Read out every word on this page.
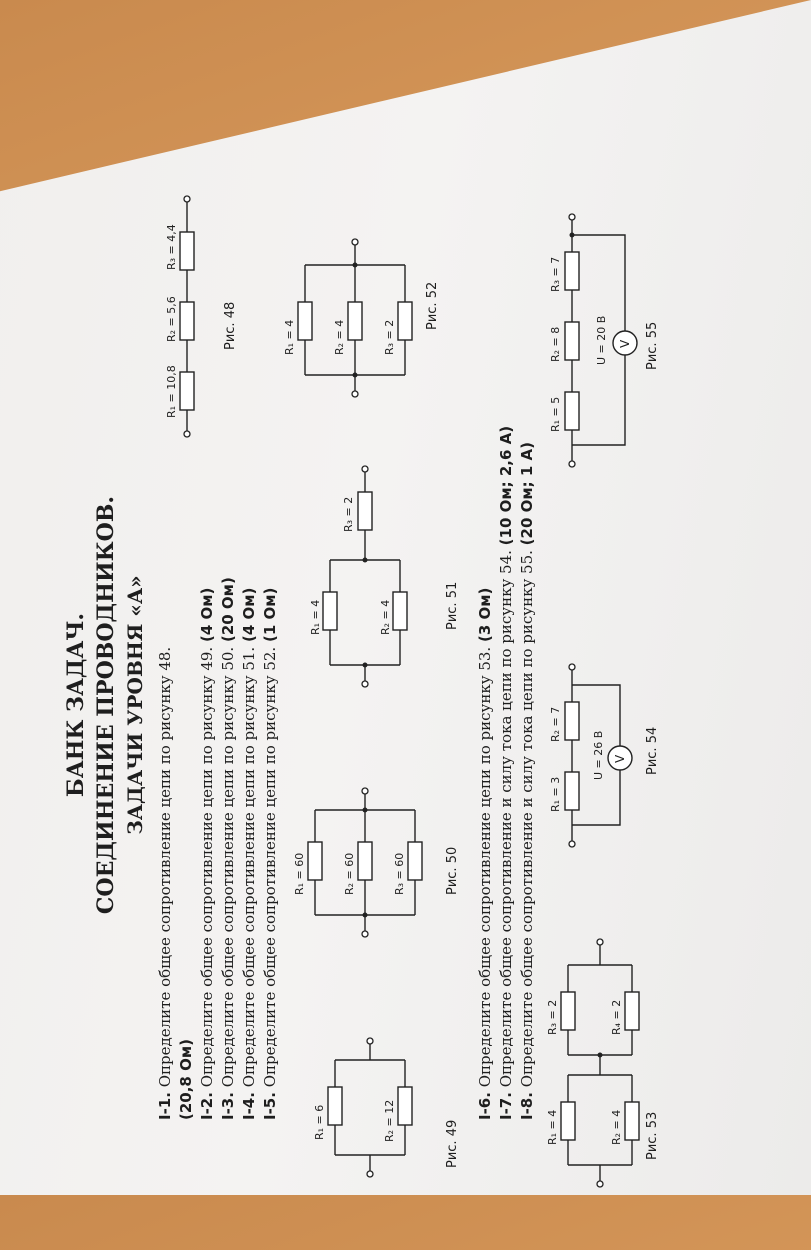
БАНК ЗАДАЧ. СОЕДИНЕНИЕ ПРОВОДНИКОВ. ЗАДАЧИ УРОВНЯ «А»
I-1. Определите общее сопротивление цепи по рисунку 48. (20,8 Ом) I-2. Определите общее сопротивление цепи по рисунку 49. (4 Ом)
I-3. Определите общее сопротивление цепи по рисунку 50. (20 Ом)
I-4. Определите общее сопротивление цепи по рисунку 51. (4 Ом)
I-5. Определите общее сопротивление цепи по рисунку 52. (1 Ом)
R₁ = 10,8
R₂ = 5,6
R₃ = 4,4
Рис. 48
R₁ = 6	R₂ = 12	Рис. 49
R₁ = 60	R₂ = 60	R₃ = 60	Рис. 50
R₁ = 4	R₂ = 4
R₃ = 2
Рис. 51
R₁ = 4	R₂ = 4	R₃ = 2
Рис. 52
I-6. Определите общее сопротивление цепи по рисунку 53. (3 Ом)
I-7. Определите общее сопротивление и силу тока цепи по рисунку 54. (10 Ом; 2,6 А)
I-8. Определите общее сопротивление и силу тока цепи по рисунку 55. (20 Ом; 1 А)
R₁ = 4	R₂ = 4
R₃ = 2	R₄ = 2
Рис. 53
V
R₁ = 3
R₂ = 7
U = 26 В	Рис. 54
V
R₁ = 5
R₂ = 8
R₃ = 7
U = 20 В	Рис. 55
